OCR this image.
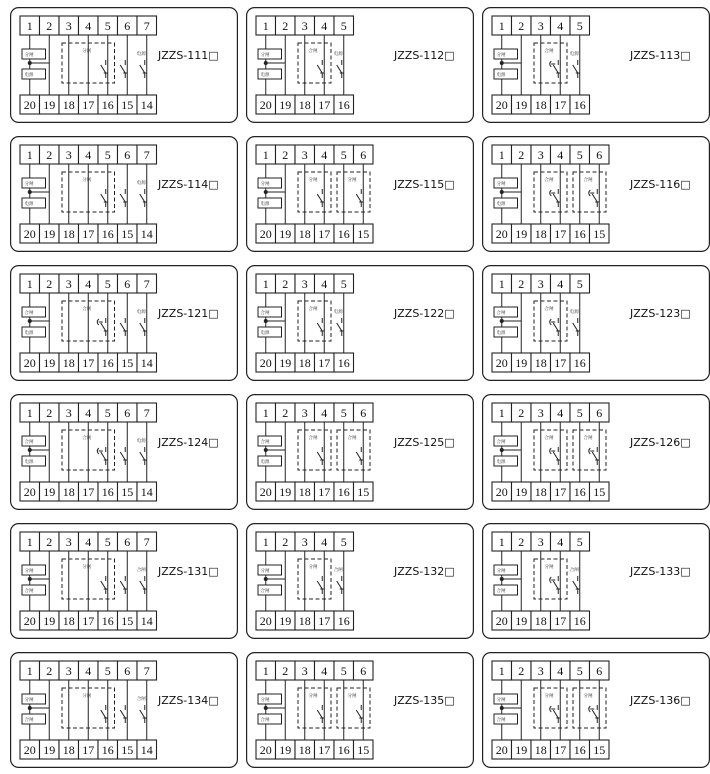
1 2 3 4 5 6 7
20 19 18 17 16 15 14
分闸
电源
分闸
电源 JZZS-111□
1 2 3 4 5
20 19 18 17 16
分闸
电源
合闸
电源	JZZS-112□
1 2 3 4 5
20 19 18 17 16
分闸
电源
合闸
电源	JZZS-113□
1 2 3 4 5 6 7
20 19 18 17 16 15 14
分闸
电源
分闸
电源 JZZS-114□
1 2 3 4 5 6
20 19 18 17 16 15
分闸
电源
分闸	分闸	JZZS-115□
1 2 3 4 5 6
20 19 18 17 16 15
分闸
电源
合闸	合闸	JZZS-116□
1 2 3 4 5 6 7
20 19 18 17 16 15 14
合闸
电源
合闸
电源 JZZS-121□
1 2 3 4 5
20 19 18 17 16
合闸
电源
合闸
电源	JZZS-122□
1 2 3 4 5
20 19 18 17 16
合闸
电源
合闸
电源	JZZS-123□
1 2 3 4 5 6 7
20 19 18 17 16 15 14
合闸
电源
合闸
电源 JZZS-124□
1 2 3 4 5 6
20 19 18 17 16 15
合闸
电源
合闸	合闸	JZZS-125□
1 2 3 4 5 6
20 19 18 17 16 15
合闸
电源
合闸	合闸	JZZS-126□
1 2 3 4 5 6 7
20 19 18 17 16 15 14
分闸
合闸
分闸
合闸 JZZS-131□
1 2 3 4 5
20 19 18 17 16
分闸
合闸
分闸
合闸	JZZS-132□
1 2 3 4 5
20 19 18 17 16
分闸
合闸
分闸
合闸	JZZS-133□
1 2 3 4 5 6 7
20 19 18 17 16 15 14
分闸
合闸
分闸
合闸 JZZS-134□
1 2 3 4 5 6
20 19 18 17 16 15
分闸
合闸
分闸	分闸	JZZS-135□
1 2 3 4 5 6
20 19 18 17 16 15
分闸
合闸
分闸	分闸	JZZS-136□
